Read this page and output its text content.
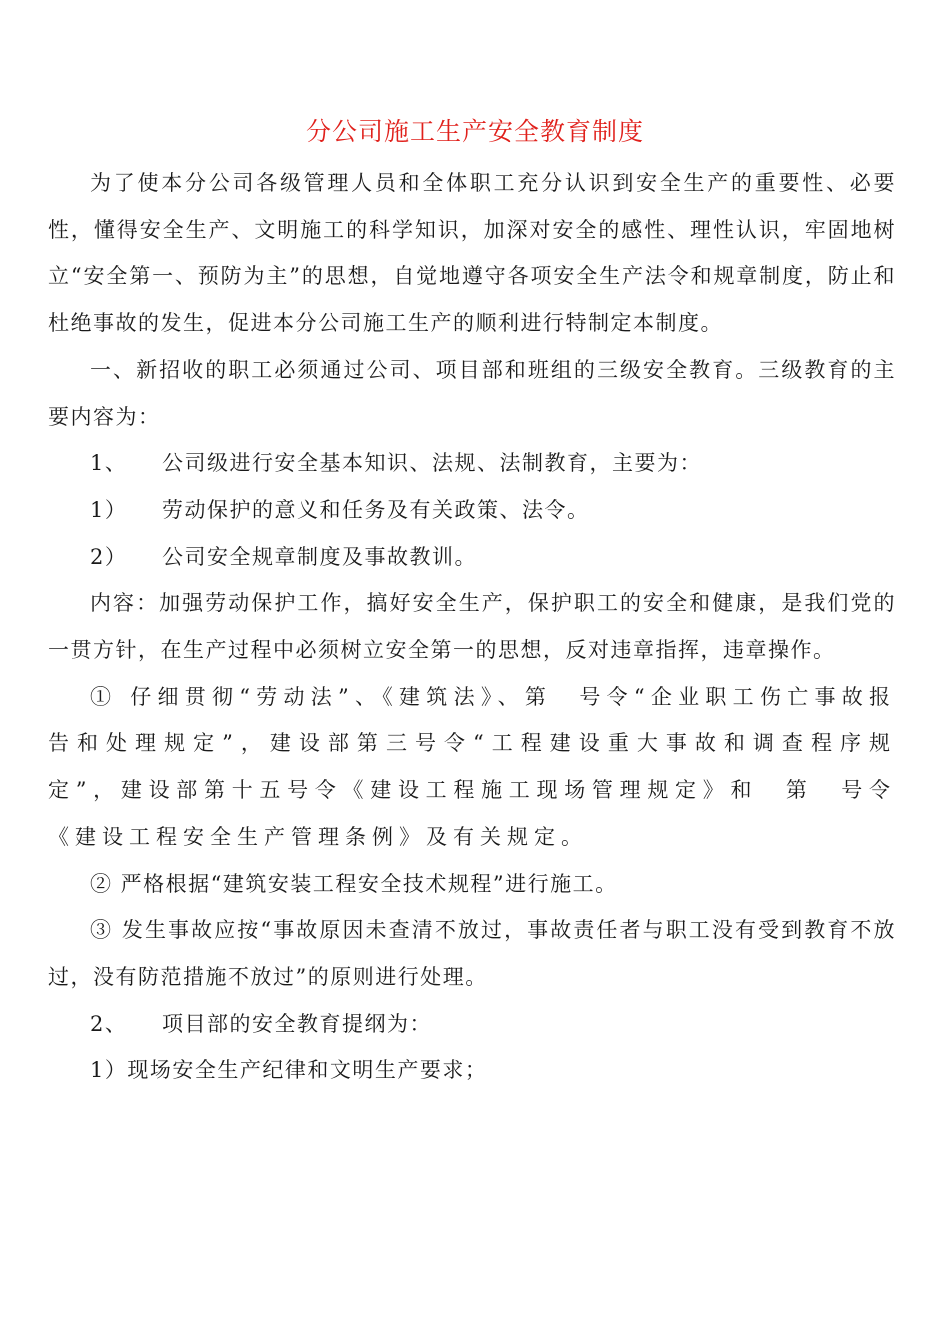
分公司施工生产安全教育制度

为了使本分公司各级管理人员和全体职工充分认识到安全生产的重要性、必要性，懂得安全生产、文明施工的科学知识，加深对安全的感性、理性认识，牢固地树立“安全第一、预防为主”的思想，自觉地遵守各项安全生产法令和规章制度，防止和杜绝事故的发生，促进本分公司施工生产的顺利进行特制定本制度。

一、新招收的职工必须通过公司、项目部和班组的三级安全教育。三级教育的主要内容为：

1、 公司级进行安全基本知识、法规、法制教育，主要为：

1） 劳动保护的意义和任务及有关政策、法令。

2） 公司安全规章制度及事故教训。

内容：加强劳动保护工作，搞好安全生产，保护职工的安全和健康，是我们党的一贯方针，在生产过程中必须树立安全第一的思想，反对违章指挥，违章操作。

① 仔细贯彻“劳动法”、《建筑法》、第　号令“企业职工伤亡事故报告和处理规定”，建设部第三号令“工程建设重大事故和调查程序规定”，建设部第十五号令《建设工程施工现场管理规定》和　第　号令《建设工程安全生产管理条例》及有关规定。

② 严格根据“建筑安装工程安全技术规程”进行施工。

③ 发生事故应按“事故原因未查清不放过，事故责任者与职工没有受到教育不放过，没有防范措施不放过”的原则进行处理。

2、 项目部的安全教育提纲为：

1）现场安全生产纪律和文明生产要求；
